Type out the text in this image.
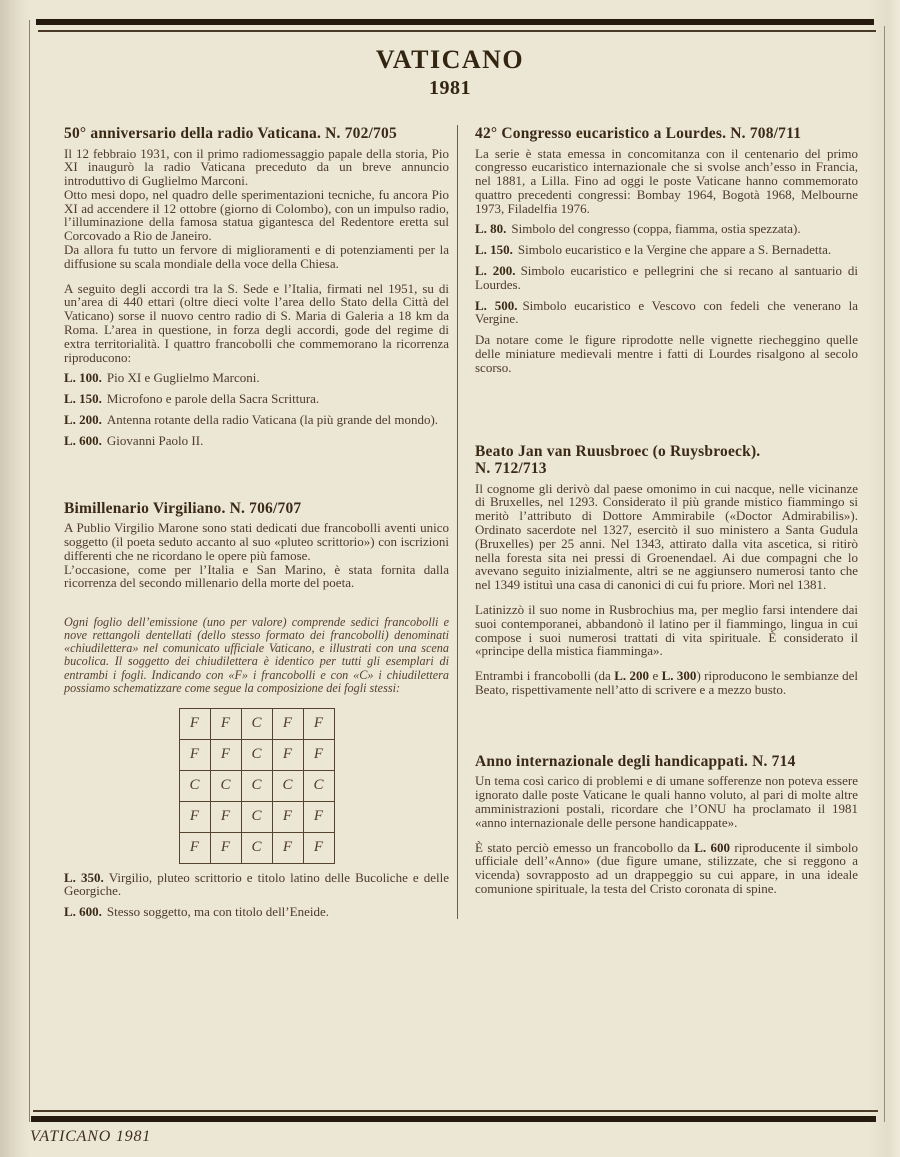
VATICANO
1981
50° anniversario della radio Vaticana. N. 702/705

Il 12 febbraio 1931, con il primo radiomessaggio papale della storia, Pio XI inaugurò la radio Vaticana preceduto da un breve annuncio introduttivo di Guglielmo Marconi.

Otto mesi dopo, nel quadro delle sperimentazioni tecniche, fu ancora Pio XI ad accendere il 12 ottobre (giorno di Colombo), con un impulso radio, l’illuminazione della famosa statua gigantesca del Redentore eretta sul Corcovado a Rio de Janeiro.

Da allora fu tutto un fervore di miglioramenti e di potenziamenti per la diffusione su scala mondiale della voce della Chiesa.

A seguito degli accordi tra la S. Sede e l’Italia, firmati nel 1951, su di un’area di 440 ettari (oltre dieci volte l’area dello Stato della Città del Vaticano) sorse il nuovo centro radio di S. Maria di Galeria a 18 km da Roma. L’area in questione, in forza degli accordi, gode del regime di extra territorialità. I quattro francobolli che commemorano la ricorrenza riproducono:

L. 100. Pio XI e Guglielmo Marconi.

L. 150. Microfono e parole della Sacra Scrittura.

L. 200. Antenna rotante della radio Vaticana (la più grande del mondo).

L. 600. Giovanni Paolo II.

Bimillenario Virgiliano. N. 706/707

A Publio Virgilio Marone sono stati dedicati due francobolli aventi unico soggetto (il poeta seduto accanto al suo «pluteo scrittorio») con iscrizioni differenti che ne ricordano le opere più famose.

L’occasione, come per l’Italia e San Marino, è stata fornita dalla ricorrenza del secondo millenario della morte del poeta.

Ogni foglio dell’emissione (uno per valore) comprende sedici francobolli e nove rettangoli dentellati (dello stesso formato dei francobolli) denominati «chiudilettera» nel comunicato ufficiale Vaticano, e illustrati con una scena bucolica. Il soggetto dei chiudilettera è identico per tutti gli esemplari di entrambi i fogli. Indicando con «F» i francobolli e con «C» i chiudilettera possiamo schematizzare come segue la composizione dei fogli stessi:

F	F	C	F	F
F	F	C	F	F
C	C	C	C	C
F	F	C	F	F
F	F	C	F	F

L. 350. Virgilio, pluteo scrittorio e titolo latino delle Bucoliche e delle Georgiche.

L. 600. Stesso soggetto, ma con titolo dell’Eneide.

42° Congresso eucaristico a Lourdes. N. 708/711

La serie è stata emessa in concomitanza con il centenario del primo congresso eucaristico internazionale che si svolse anch’esso in Francia, nel 1881, a Lilla. Fino ad oggi le poste Vaticane hanno commemorato quattro precedenti congressi: Bombay 1964, Bogotà 1968, Melbourne 1973, Filadelfia 1976.

L. 80. Simbolo del congresso (coppa, fiamma, ostia spezzata).

L. 150. Simbolo eucaristico e la Vergine che appare a S. Bernadetta.

L. 200. Simbolo eucaristico e pellegrini che si recano al santuario di Lourdes.

L. 500. Simbolo eucaristico e Vescovo con fedeli che venerano la Vergine.

Da notare come le figure riprodotte nelle vignette riecheggino quelle delle miniature medievali mentre i fatti di Lourdes risalgono al secolo scorso.

Beato Jan van Ruusbroec (o Ruysbroeck).
N. 712/713

Il cognome gli derivò dal paese omonimo in cui nacque, nelle vicinanze di Bruxelles, nel 1293. Considerato il più grande mistico fiammingo si meritò l’attributo di Dottore Ammirabile («Doctor Admirabilis»). Ordinato sacerdote nel 1327, esercitò il suo ministero a Santa Gudula (Bruxelles) per 25 anni. Nel 1343, attirato dalla vita ascetica, si ritirò nella foresta sita nei pressi di Groenendael. Ai due compagni che lo avevano seguito inizialmente, altri se ne aggiunsero numerosi tanto che nel 1349 istituì una casa di canonici di cui fu priore. Morì nel 1381.

Latinizzò il suo nome in Rusbrochius ma, per meglio farsi intendere dai suoi contemporanei, abbandonò il latino per il fiammingo, lingua in cui compose i suoi numerosi trattati di vita spirituale. È considerato il «principe della mistica fiamminga».

Entrambi i francobolli (da L. 200 e L. 300) riproducono le sembianze del Beato, rispettivamente nell’atto di scrivere e a mezzo busto.

Anno internazionale degli handicappati. N. 714

Un tema così carico di problemi e di umane sofferenze non poteva essere ignorato dalle poste Vaticane le quali hanno voluto, al pari di molte altre amministrazioni postali, ricordare che l’ONU ha proclamato il 1981 «anno internazionale delle persone handicappate».

È stato perciò emesso un francobollo da L. 600 riproducente il simbolo ufficiale dell’«Anno» (due figure umane, stilizzate, che si reggono a vicenda) sovrapposto ad un drappeggio su cui appare, in una ideale comunione spirituale, la testa del Cristo coronata di spine.

VATICANO 1981
